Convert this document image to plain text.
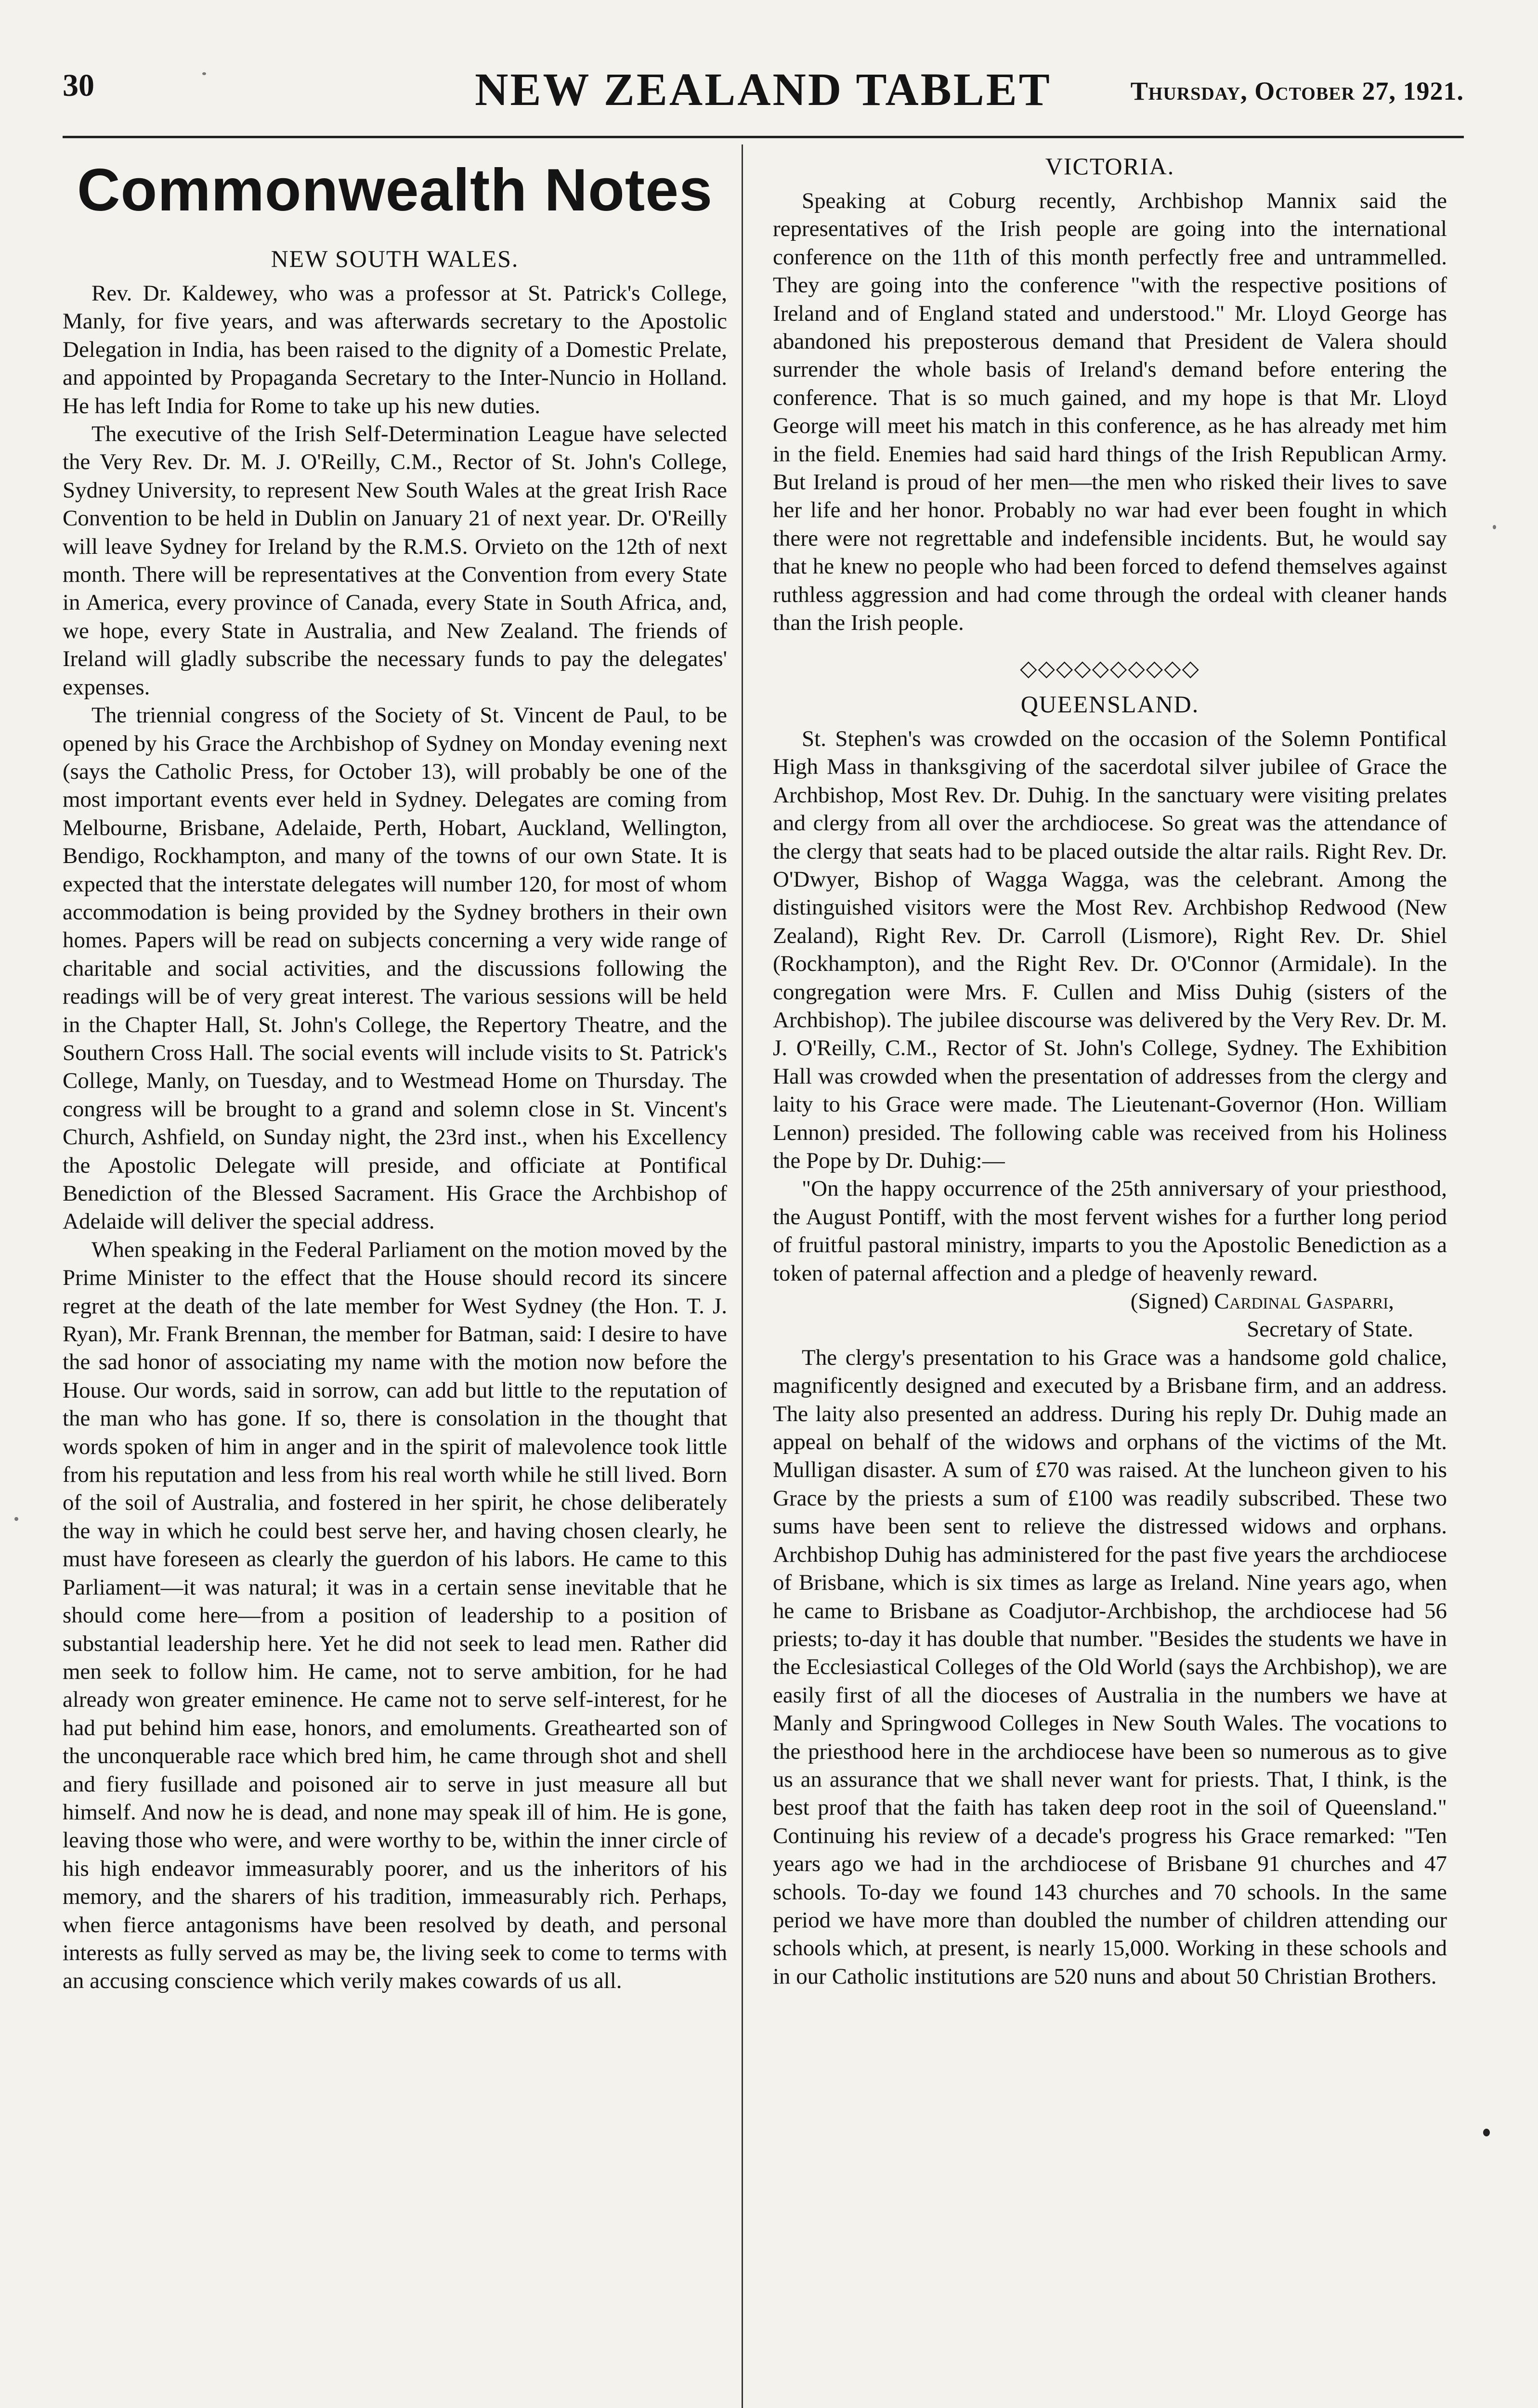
30	NEW ZEALAND TABLET	Thursday, October 27, 1921.
Commonwealth Notes
NEW SOUTH WALES.

Rev. Dr. Kaldewey, who was a professor at St. Patrick's College, Manly, for five years, and was afterwards secretary to the Apostolic Delegation in India, has been raised to the dignity of a Domestic Prelate, and appointed by Propaganda Secretary to the Inter-Nuncio in Holland. He has left India for Rome to take up his new duties.

The executive of the Irish Self-Determination League have selected the Very Rev. Dr. M. J. O'Reilly, C.M., Rector of St. John's College, Sydney University, to represent New South Wales at the great Irish Race Convention to be held in Dublin on January 21 of next year. Dr. O'Reilly will leave Sydney for Ireland by the R.M.S. Orvieto on the 12th of next month. There will be representatives at the Convention from every State in America, every province of Canada, every State in South Africa, and, we hope, every State in Australia, and New Zealand. The friends of Ireland will gladly subscribe the necessary funds to pay the delegates' expenses.

The triennial congress of the Society of St. Vincent de Paul, to be opened by his Grace the Archbishop of Sydney on Monday evening next (says the Catholic Press, for October 13), will probably be one of the most important events ever held in Sydney. Delegates are coming from Melbourne, Brisbane, Adelaide, Perth, Hobart, Auckland, Wellington, Bendigo, Rockhampton, and many of the towns of our own State. It is expected that the interstate delegates will number 120, for most of whom accommodation is being provided by the Sydney brothers in their own homes. Papers will be read on subjects concerning a very wide range of charitable and social activities, and the discussions following the readings will be of very great interest. The various sessions will be held in the Chapter Hall, St. John's College, the Repertory Theatre, and the Southern Cross Hall. The social events will include visits to St. Patrick's College, Manly, on Tuesday, and to Westmead Home on Thursday. The congress will be brought to a grand and solemn close in St. Vincent's Church, Ashfield, on Sunday night, the 23rd inst., when his Excellency the Apostolic Delegate will preside, and officiate at Pontifical Benediction of the Blessed Sacrament. His Grace the Archbishop of Adelaide will deliver the special address.

When speaking in the Federal Parliament on the motion moved by the Prime Minister to the effect that the House should record its sincere regret at the death of the late member for West Sydney (the Hon. T. J. Ryan), Mr. Frank Brennan, the member for Batman, said: I desire to have the sad honor of associating my name with the motion now before the House. Our words, said in sorrow, can add but little to the reputation of the man who has gone. If so, there is consolation in the thought that words spoken of him in anger and in the spirit of malevolence took little from his reputation and less from his real worth while he still lived. Born of the soil of Australia, and fostered in her spirit, he chose deliberately the way in which he could best serve her, and having chosen clearly, he must have foreseen as clearly the guerdon of his labors. He came to this Parliament—it was natural; it was in a certain sense inevitable that he should come here—from a position of leadership to a position of substantial leadership here. Yet he did not seek to lead men. Rather did men seek to follow him. He came, not to serve ambition, for he had already won greater eminence. He came not to serve self-interest, for he had put behind him ease, honors, and emoluments. Greathearted son of the unconquerable race which bred him, he came through shot and shell and fiery fusillade and poisoned air to serve in just measure all but himself. And now he is dead, and none may speak ill of him. He is gone, leaving those who were, and were worthy to be, within the inner circle of his high endeavor immeasurably poorer, and us the inheritors of his memory, and the sharers of his tradition, immeasurably rich. Perhaps, when fierce antagonisms have been resolved by death, and personal interests as fully served as may be, the living seek to come to terms with an accusing conscience which verily makes cowards of us all.

VICTORIA.

Speaking at Coburg recently, Archbishop Mannix said the representatives of the Irish people are going into the international conference on the 11th of this month perfectly free and untrammelled. They are going into the conference "with the respective positions of Ireland and of England stated and understood." Mr. Lloyd George has abandoned his preposterous demand that President de Valera should surrender the whole basis of Ireland's demand before entering the conference. That is so much gained, and my hope is that Mr. Lloyd George will meet his match in this conference, as he has already met him in the field. Enemies had said hard things of the Irish Republican Army. But Ireland is proud of her men—the men who risked their lives to save her life and her honor. Probably no war had ever been fought in which there were not regrettable and indefensible incidents. But, he would say that he knew no people who had been forced to defend themselves against ruthless aggression and had come through the ordeal with cleaner hands than the Irish people.

◇◇◇◇◇◇◇◇◇◇
QUEENSLAND.

St. Stephen's was crowded on the occasion of the Solemn Pontifical High Mass in thanksgiving of the sacerdotal silver jubilee of Grace the Archbishop, Most Rev. Dr. Duhig. In the sanctuary were visiting prelates and clergy from all over the archdiocese. So great was the attendance of the clergy that seats had to be placed outside the altar rails. Right Rev. Dr. O'Dwyer, Bishop of Wagga Wagga, was the celebrant. Among the distinguished visitors were the Most Rev. Archbishop Redwood (New Zealand), Right Rev. Dr. Carroll (Lismore), Right Rev. Dr. Shiel (Rockhampton), and the Right Rev. Dr. O'Connor (Armidale). In the congregation were Mrs. F. Cullen and Miss Duhig (sisters of the Archbishop). The jubilee discourse was delivered by the Very Rev. Dr. M. J. O'Reilly, C.M., Rector of St. John's College, Sydney. The Exhibition Hall was crowded when the presentation of addresses from the clergy and laity to his Grace were made. The Lieutenant-Governor (Hon. William Lennon) presided. The following cable was received from his Holiness the Pope by Dr. Duhig:—

"On the happy occurrence of the 25th anniversary of your priesthood, the August Pontiff, with the most fervent wishes for a further long period of fruitful pastoral ministry, imparts to you the Apostolic Benediction as a token of paternal affection and a pledge of heavenly reward.

(Signed) Cardinal Gasparri,

Secretary of State.

The clergy's presentation to his Grace was a handsome gold chalice, magnificently designed and executed by a Brisbane firm, and an address. The laity also presented an address. During his reply Dr. Duhig made an appeal on behalf of the widows and orphans of the victims of the Mt. Mulligan disaster. A sum of £70 was raised. At the luncheon given to his Grace by the priests a sum of £100 was readily subscribed. These two sums have been sent to relieve the distressed widows and orphans. Archbishop Duhig has administered for the past five years the archdiocese of Brisbane, which is six times as large as Ireland. Nine years ago, when he came to Brisbane as Coadjutor-Archbishop, the archdiocese had 56 priests; to-day it has double that number. "Besides the students we have in the Ecclesiastical Colleges of the Old World (says the Archbishop), we are easily first of all the dioceses of Australia in the numbers we have at Manly and Springwood Colleges in New South Wales. The vocations to the priesthood here in the archdiocese have been so numerous as to give us an assurance that we shall never want for priests. That, I think, is the best proof that the faith has taken deep root in the soil of Queensland." Continuing his review of a decade's progress his Grace remarked: "Ten years ago we had in the archdiocese of Brisbane 91 churches and 47 schools. To-day we found 143 churches and 70 schools. In the same period we have more than doubled the number of children attending our schools which, at present, is nearly 15,000. Working in these schools and in our Catholic institutions are 520 nuns and about 50 Christian Brothers.
